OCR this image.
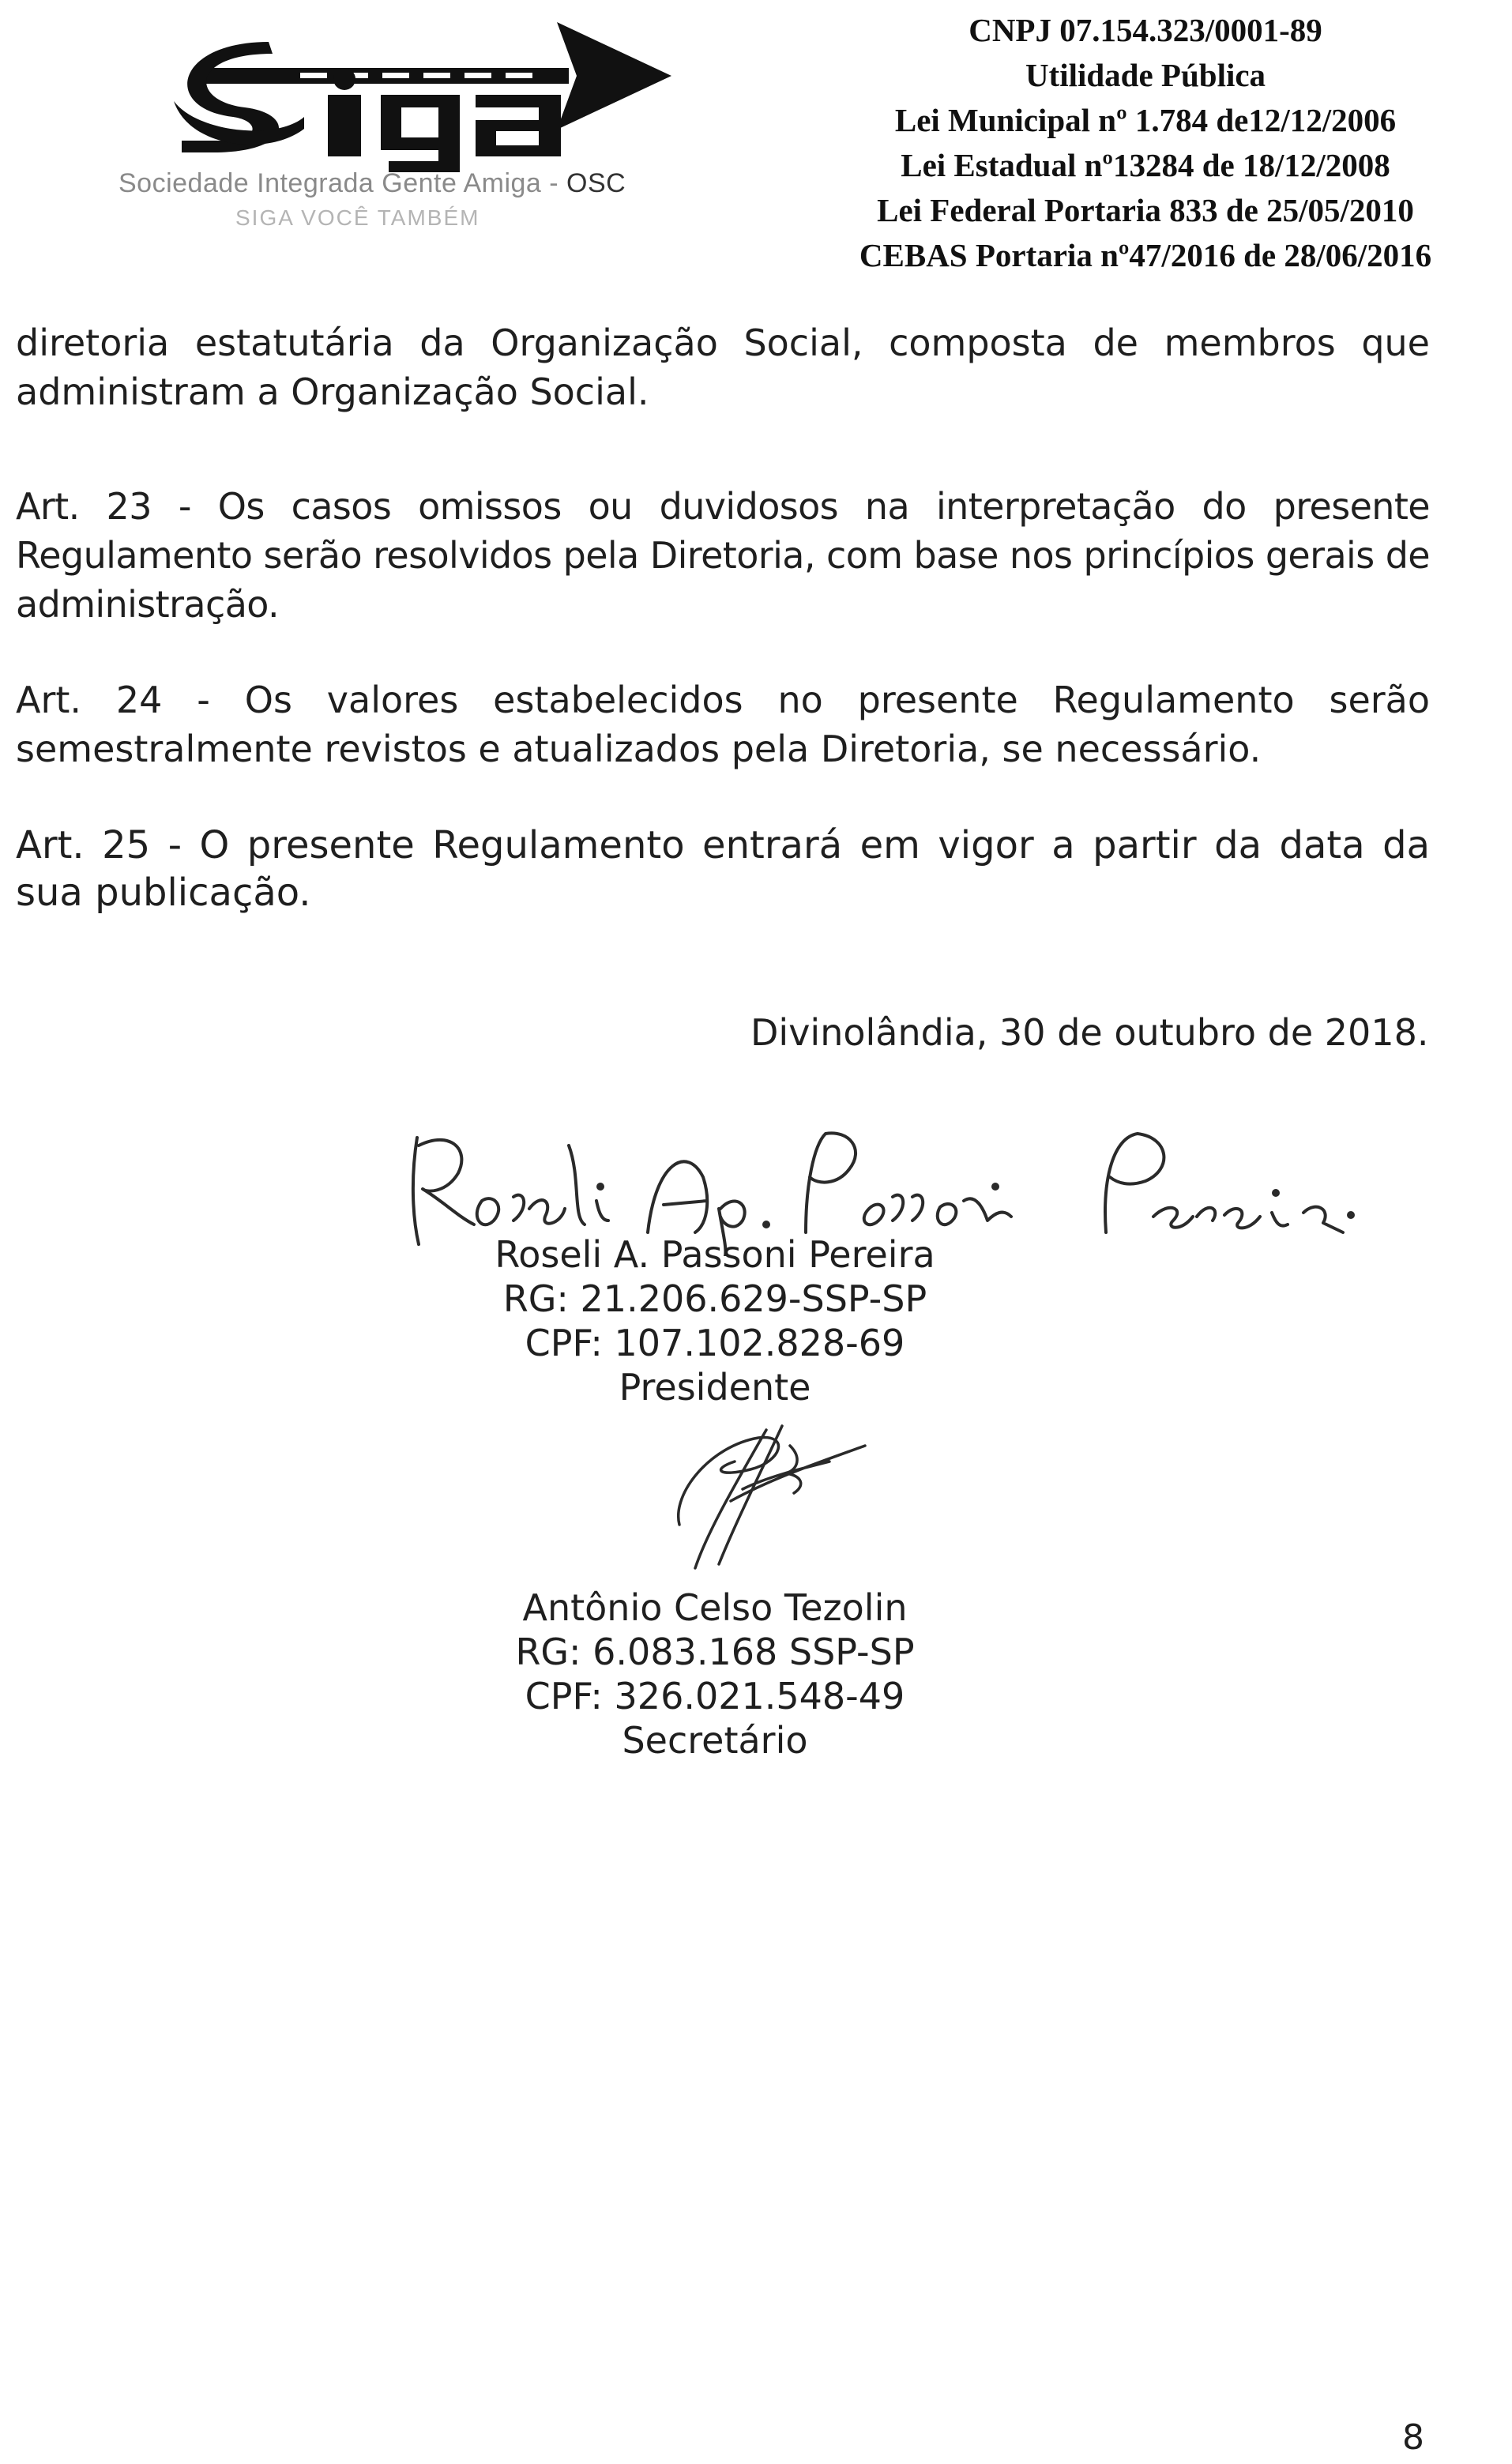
Sociedade Integrada Gente Amiga - OSC
SIGA VOCÊ TAMBÉM
CNPJ 07.154.323/0001-89
Utilidade Pública
Lei Municipal nº 1.784 de12/12/2006
Lei Estadual nº13284 de 18/12/2008
Lei Federal Portaria 833 de 25/05/2010
CEBAS Portaria nº47/2016 de 28/06/2016

diretoria estatutária da Organização Social, composta de membros que administram a Organização Social.

Art. 23 - Os casos omissos ou duvidosos na interpretação do presente Regulamento serão resolvidos pela Diretoria, com base nos princípios gerais de administração.

Art. 24 - Os valores estabelecidos no presente Regulamento serão semestralmente revistos e atualizados pela Diretoria, se necessário.

Art. 25 - O presente Regulamento entrará em vigor a partir da data da sua publicação.

Divinolândia, 30 de outubro de 2018.
Roseli A. Passoni Pereira
RG: 21.206.629-SSP-SP
CPF: 107.102.828-69
Presidente
Antônio Celso Tezolin
RG: 6.083.168 SSP-SP
CPF: 326.021.548-49
Secretário
8
